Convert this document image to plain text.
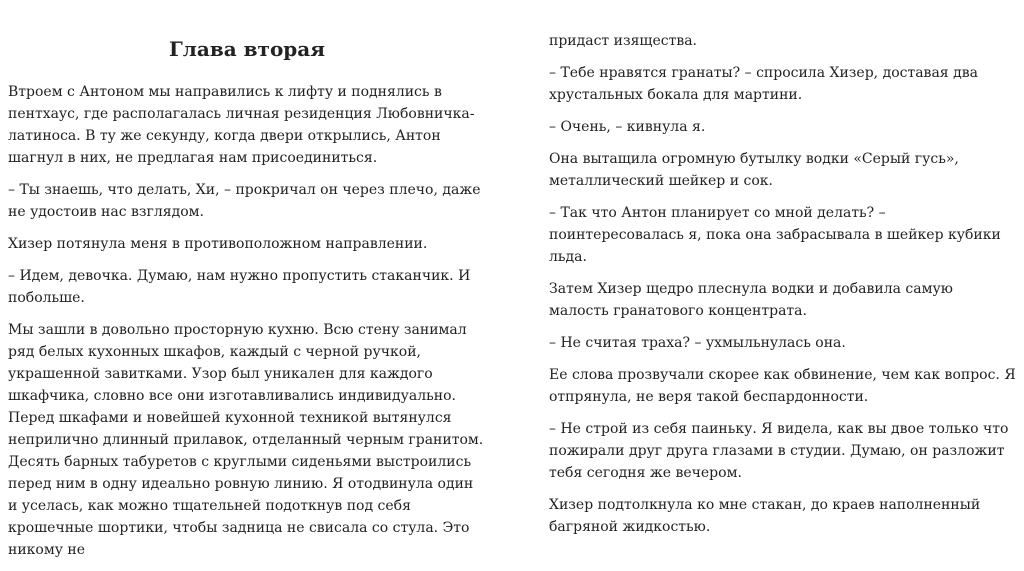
Глава вторая

Втроем с Антоном мы направились к лифту и поднялись в пентхаус, где располагалась личная резиденция Любовничка-латиноса. В ту же секунду, когда двери открылись, Антон шагнул в них, не предлагая нам присоединиться.

– Ты знаешь, что делать, Хи, – прокричал он через плечо, даже не удостоив нас взглядом.

Хизер потянула меня в противоположном направлении.

– Идем, девочка. Думаю, нам нужно пропустить стаканчик. И побольше.

Мы зашли в довольно просторную кухню. Всю стену занимал ряд белых кухонных шкафов, каждый с черной ручкой, украшенной завитками. Узор был уникален для каждого шкафчика, словно все они изготавливались индивидуально. Перед шкафами и новейшей кухонной техникой вытянулся неприлично длинный прилавок, отделанный черным гранитом. Десять барных табуретов с круглыми сиденьями выстроились перед ним в одну идеально ровную линию. Я отодвинула один и уселась, как можно тщательней подоткнув под себя крошечные шортики, чтобы задница не свисала со стула. Это никому не

придаст изящества.

– Тебе нравятся гранаты? – спросила Хизер, доставая два хрустальных бокала для мартини.

– Очень, – кивнула я.

Она вытащила огромную бутылку водки «Серый гусь», металлический шейкер и сок.

– Так что Антон планирует со мной делать? – поинтересовалась я, пока она забрасывала в шейкер кубики льда.

Затем Хизер щедро плеснула водки и добавила самую малость гранатового концентрата.

– Не считая траха? – ухмыльнулась она.

Ее слова прозвучали скорее как обвинение, чем как вопрос. Я отпрянула, не веря такой беспардонности.

– Не строй из себя паиньку. Я видела, как вы двое только что пожирали друг друга глазами в студии. Думаю, он разложит тебя сегодня же вечером.

Хизер подтолкнула ко мне стакан, до краев наполненный багряной жидкостью.
